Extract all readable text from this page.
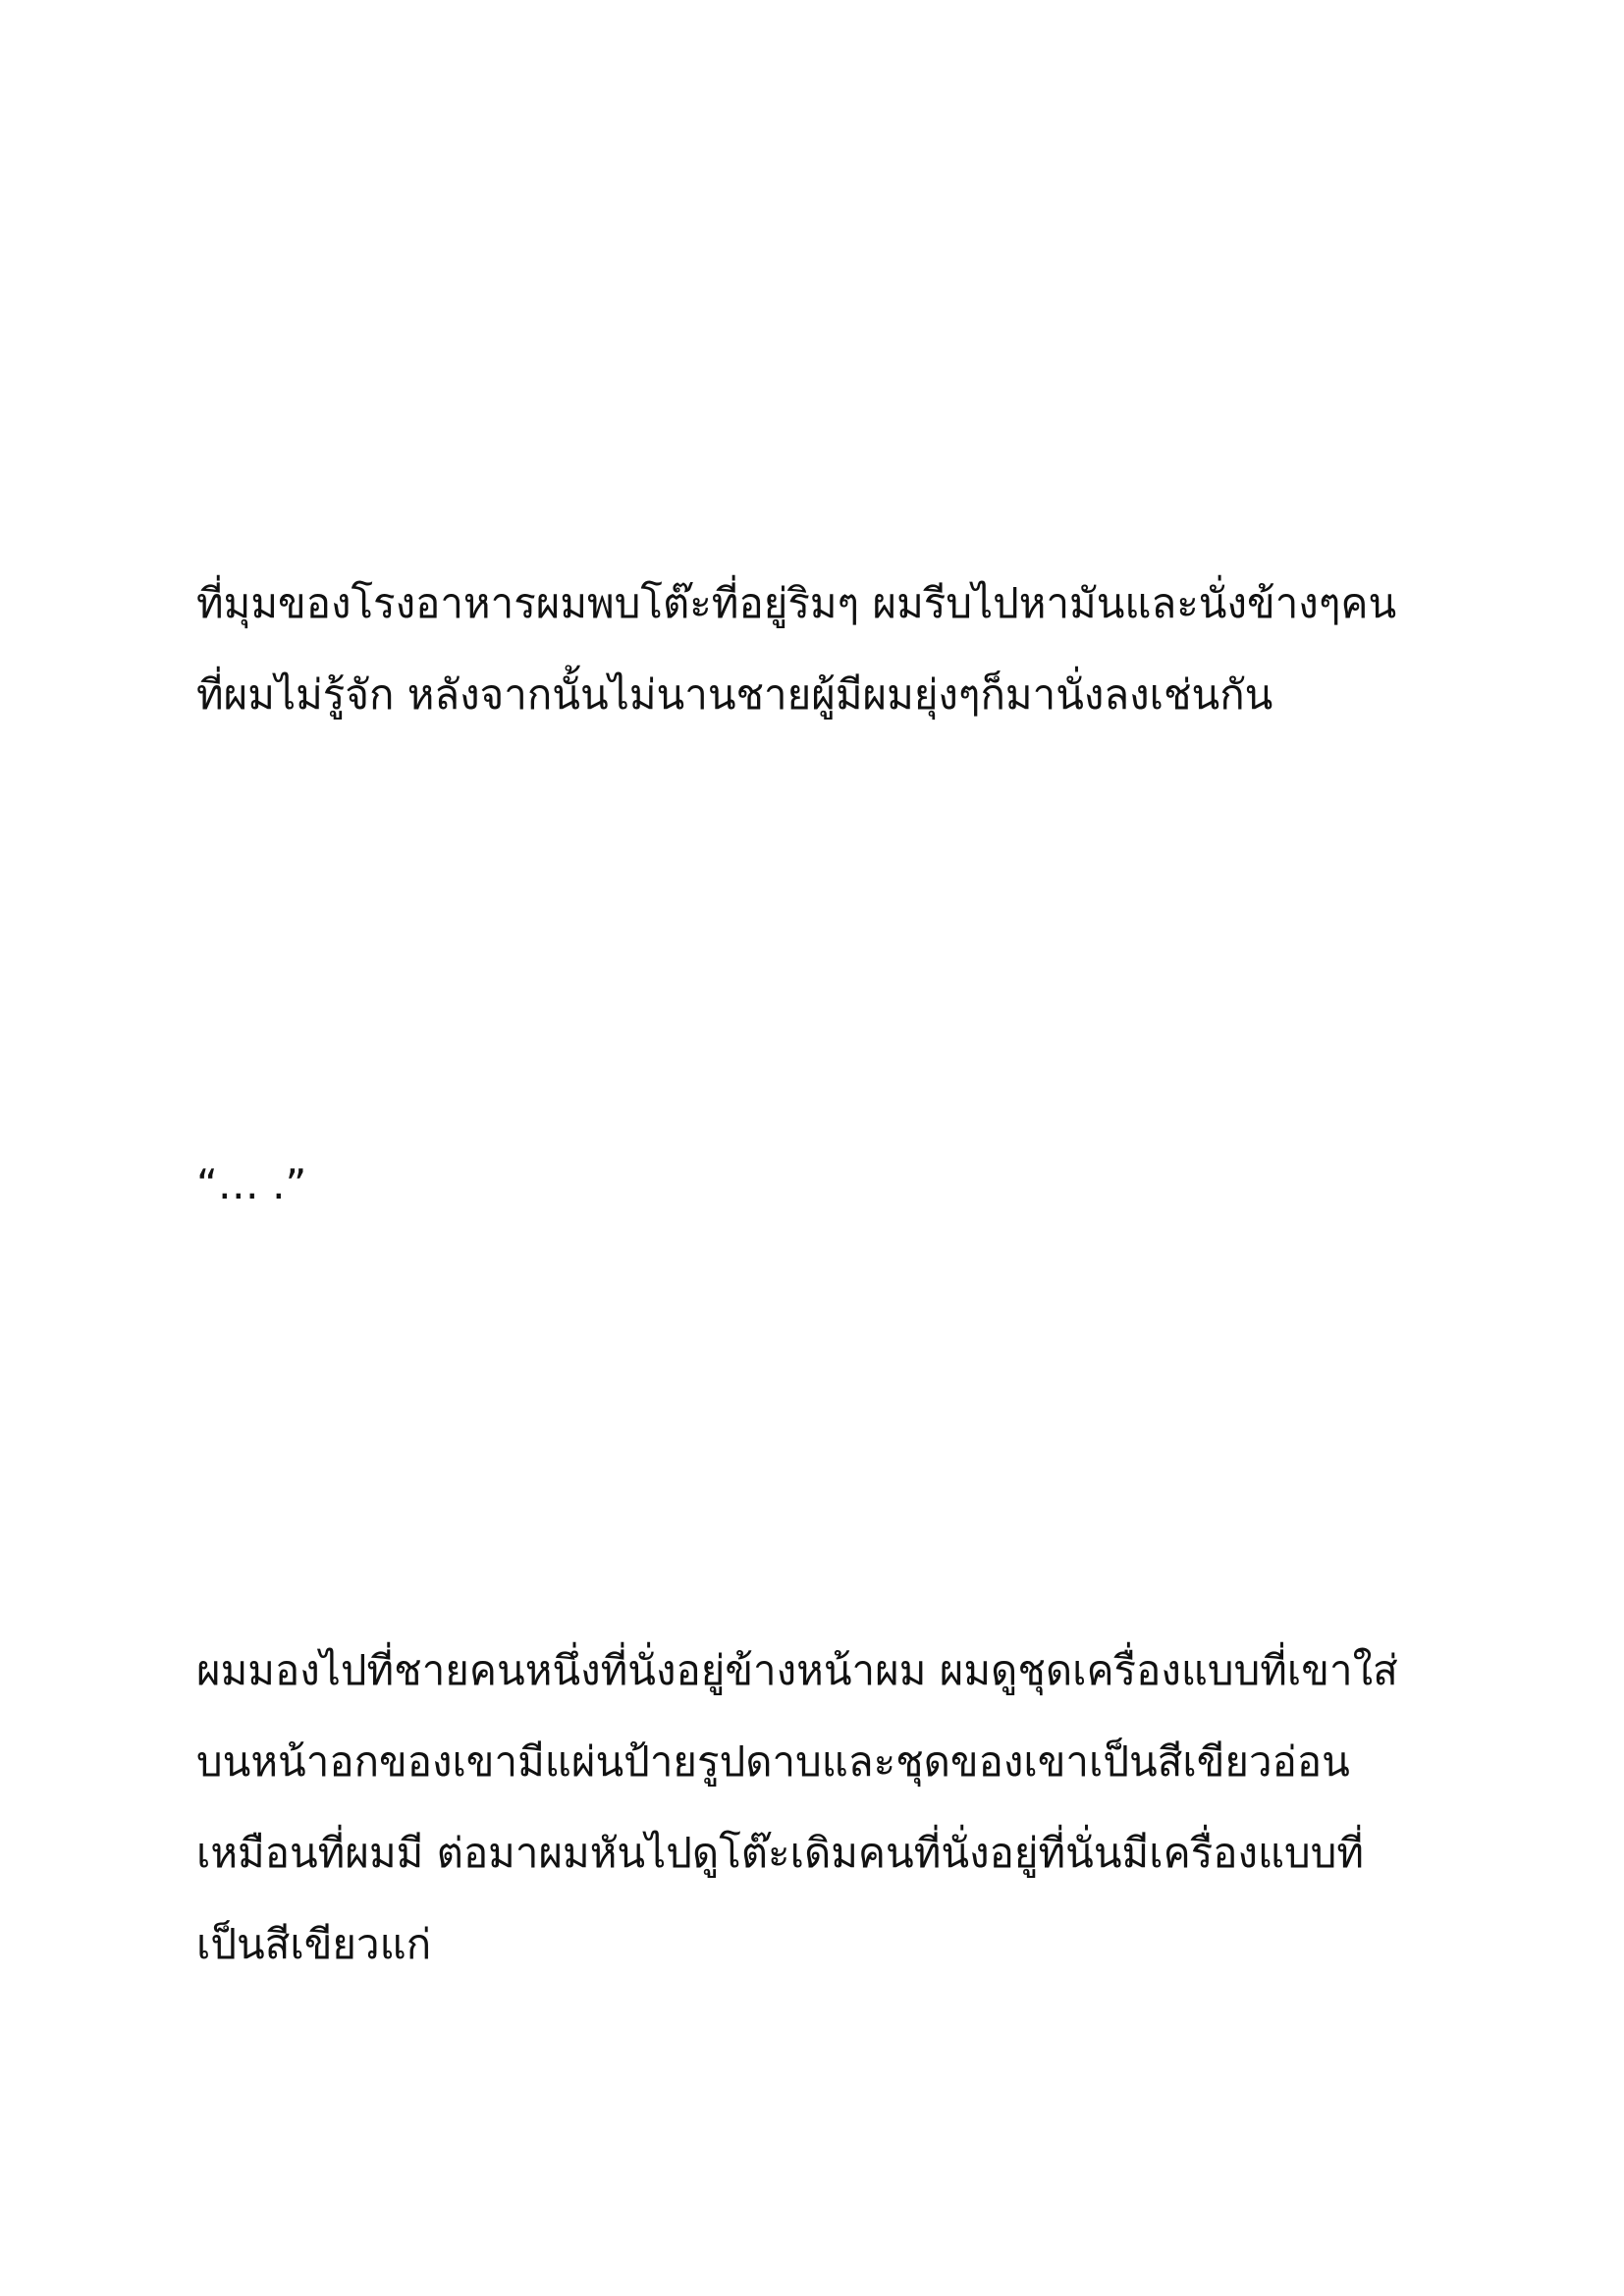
ที่มุมของโรงอาหารผมพบโต๊ะที่อยู่ริมๆ ผมรีบไปหามันและนั่งข้างๆคน
ที่ผมไม่รู้จัก หลังจากนั้นไม่นานชายผู้มีผมยุ่งๆก็มานั่งลงเช่นกัน
“… .”
ผมมองไปที่ชายคนหนึ่งที่นั่งอยู่ข้างหน้าผม ผมดูชุดเครื่องแบบที่เขาใส่
บนหน้าอกของเขามีแผ่นป้ายรูปดาบและชุดของเขาเป็นสีเขียวอ่อน
เหมือนที่ผมมี ต่อมาผมหันไปดูโต๊ะเดิมคนที่นั่งอยู่ที่นั่นมีเครื่องแบบที่
เป็นสีเขียวแก่
